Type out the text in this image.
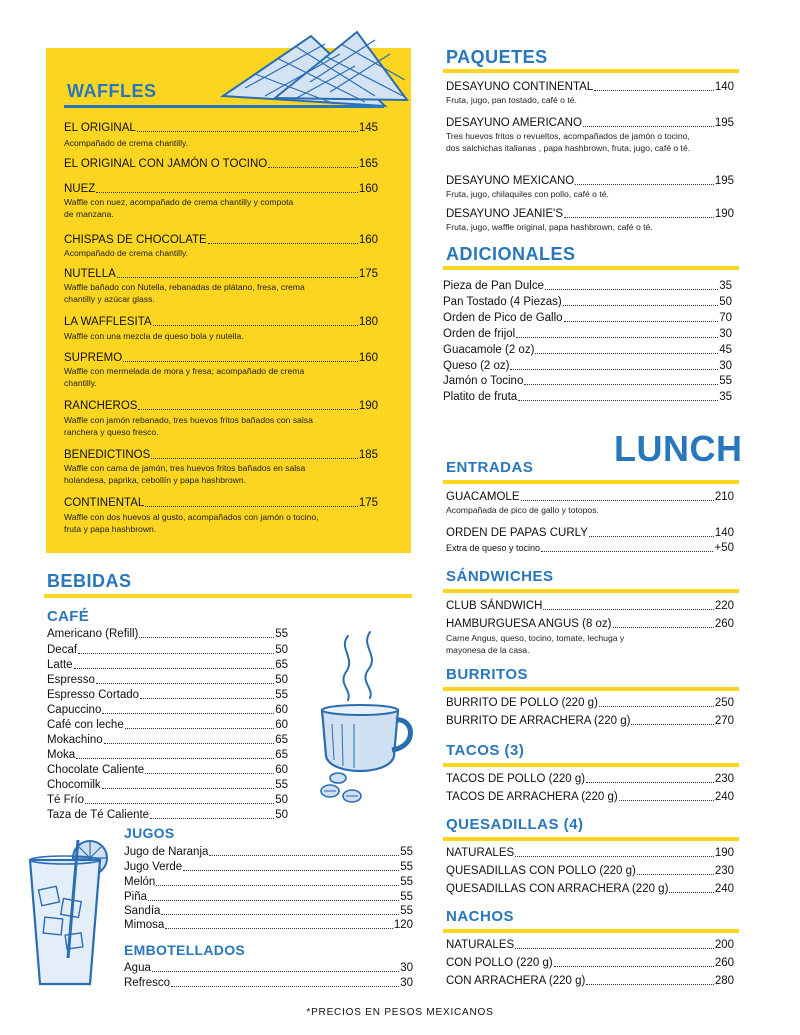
WAFFLES
EL ORIGINAL	145
Acompañado de crema chantilly.
EL ORIGINAL CON JAMÓN O TOCINO	165
NUEZ	160
Waffle con nuez, acompañado de crema chantilly y compota de manzana.
CHISPAS DE CHOCOLATE	160
Acompañado de crema chantilly.
NUTELLA	175
Waffle bañado con Nutella, rebanadas de plátano, fresa, crema chantilly y azúcar glass.
LA WAFFLESITA	180
Waffle con una mezcla de queso bola y nutella.
SUPREMO	160
Waffle con mermelada de mora y fresa; acompañado de crema chantilly.
RANCHEROS	190
Waffle con jamón rebanado, tres huevos fritos bañados con salsa ranchera y queso fresco.
BENEDICTINOS	185
Waffle con cama de jamón, tres huevos fritos bañados en salsa holandesa, paprika, cebollín y papa hashbrown.
CONTINENTAL	175
Waffle con dos huevos al gusto, acompañados con jamón o tocino, fruta y papa hashbrown.
PAQUETES
DESAYUNO CONTINENTAL	140
Fruta, jugo, pan tostado, café o té.
DESAYUNO AMERICANO	195
Tres huevos fritos o revueltos, acompañados de jamón o tocino, dos salchichas italianas , papa hashbrown, fruta, jugo, café o té.
DESAYUNO MEXICANO	195
Fruta, jugo, chilaquiles con pollo, café o té.
DESAYUNO JEANIE'S	190
Fruta, jugo, waffle original, papa hashbrown, café o té.
ADICIONALES
Pieza de Pan Dulce	35
Pan Tostado (4 Piezas)	50
Orden de Pico de Gallo	70
Orden de frijol	30
Guacamole (2 oz)	45
Queso (2 oz)	30
Jamón o Tocino	55
Platito de fruta	35
LUNCH
ENTRADAS
GUACAMOLE	210
Acompañada de pico de gallo y totopos.
ORDEN DE PAPAS CURLY	140
Extra de queso y tocino	+50
SÁNDWICHES
CLUB SÁNDWICH	220
HAMBURGUESA ANGUS (8 oz)	260
Carne Angus, queso, tocino, tomate, lechuga y mayonesa de la casa.
BURRITOS
BURRITO DE POLLO (220 g)	250
BURRITO DE ARRACHERA (220 g)	270
TACOS (3)
TACOS DE POLLO (220 g)	230
TACOS DE ARRACHERA (220 g)	240
QUESADILLAS (4)
NATURALES	190
QUESADILLAS CON POLLO (220 g)	230
QUESADILLAS CON ARRACHERA (220 g)	240
NACHOS
NATURALES	200
CON POLLO (220 g)	260
CON ARRACHERA (220 g)	280
BEBIDAS
CAFÉ
Americano (Refill)	55
Decaf	50
Latte	65
Espresso	50
Espresso Cortado	55
Capuccino	60
Café con leche	60
Mokachino	65
Moka	65
Chocolate Caliente	60
Chocomilk	55
Té Frío	50
Taza de Té Caliente	50
JUGOS
Jugo de Naranja	55
Jugo Verde	55
Melón	55
Piña	55
Sandía	55
Mimosa	120
EMBOTELLADOS
Agua	30
Refresco	30
*PRECIOS EN PESOS MEXICANOS
